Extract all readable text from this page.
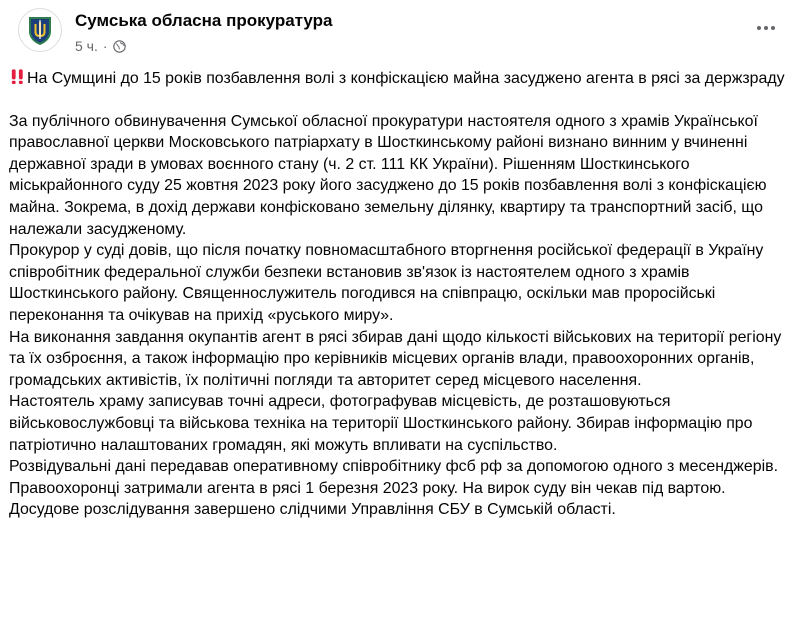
Сумська обласна прокуратура
5 ч. ·

На Сумщині до 15 років позбавлення волі з конфіскацією майна засуджено агента в рясі за держзраду

За публічного обвинувачення Сумської обласної прокуратури настоятеля одного з храмів Української православної церкви Московського патріархату в Шосткинському районі визнано винним у вчиненні державної зради в умовах воєнного стану (ч. 2 ст. 111 КК України). Рішенням Шосткинського міськрайонного суду 25 жовтня 2023 року його засуджено до 15 років позбавлення волі з конфіскацією майна. Зокрема, в дохід держави конфісковано земельну ділянку, квартиру та транспортний засіб, що належали засудженому.

Прокурор у суді довів, що після початку повномасштабного вторгнення російської федерації в Україну співробітник федеральної служби безпеки встановив зв'язок із настоятелем одного з храмів Шосткинського району. Священнослужитель погодився на співпрацю, оскільки мав проросійські переконання та очікував на прихід «руського миру».

На виконання завдання окупантів агент в рясі збирав дані щодо кількості військових на території регіону та їх озброєння, а також інформацію про керівників місцевих органів влади, правоохоронних органів, громадських активістів, їх політичні погляди та авторитет серед місцевого населення.

Настоятель храму записував точні адреси, фотографував місцевість, де розташовуються військовослужбовці та військова техніка на території Шосткинського району. Збирав інформацію про патріотично налаштованих громадян, які можуть впливати на суспільство.

Розвідувальні дані передавав оперативному співробітнику фсб рф за допомогою одного з месенджерів.

Правоохоронці затримали агента в рясі 1 березня 2023 року. На вирок суду він чекав під вартою. Досудове розслідування завершено слідчими Управління СБУ в Сумській області.
